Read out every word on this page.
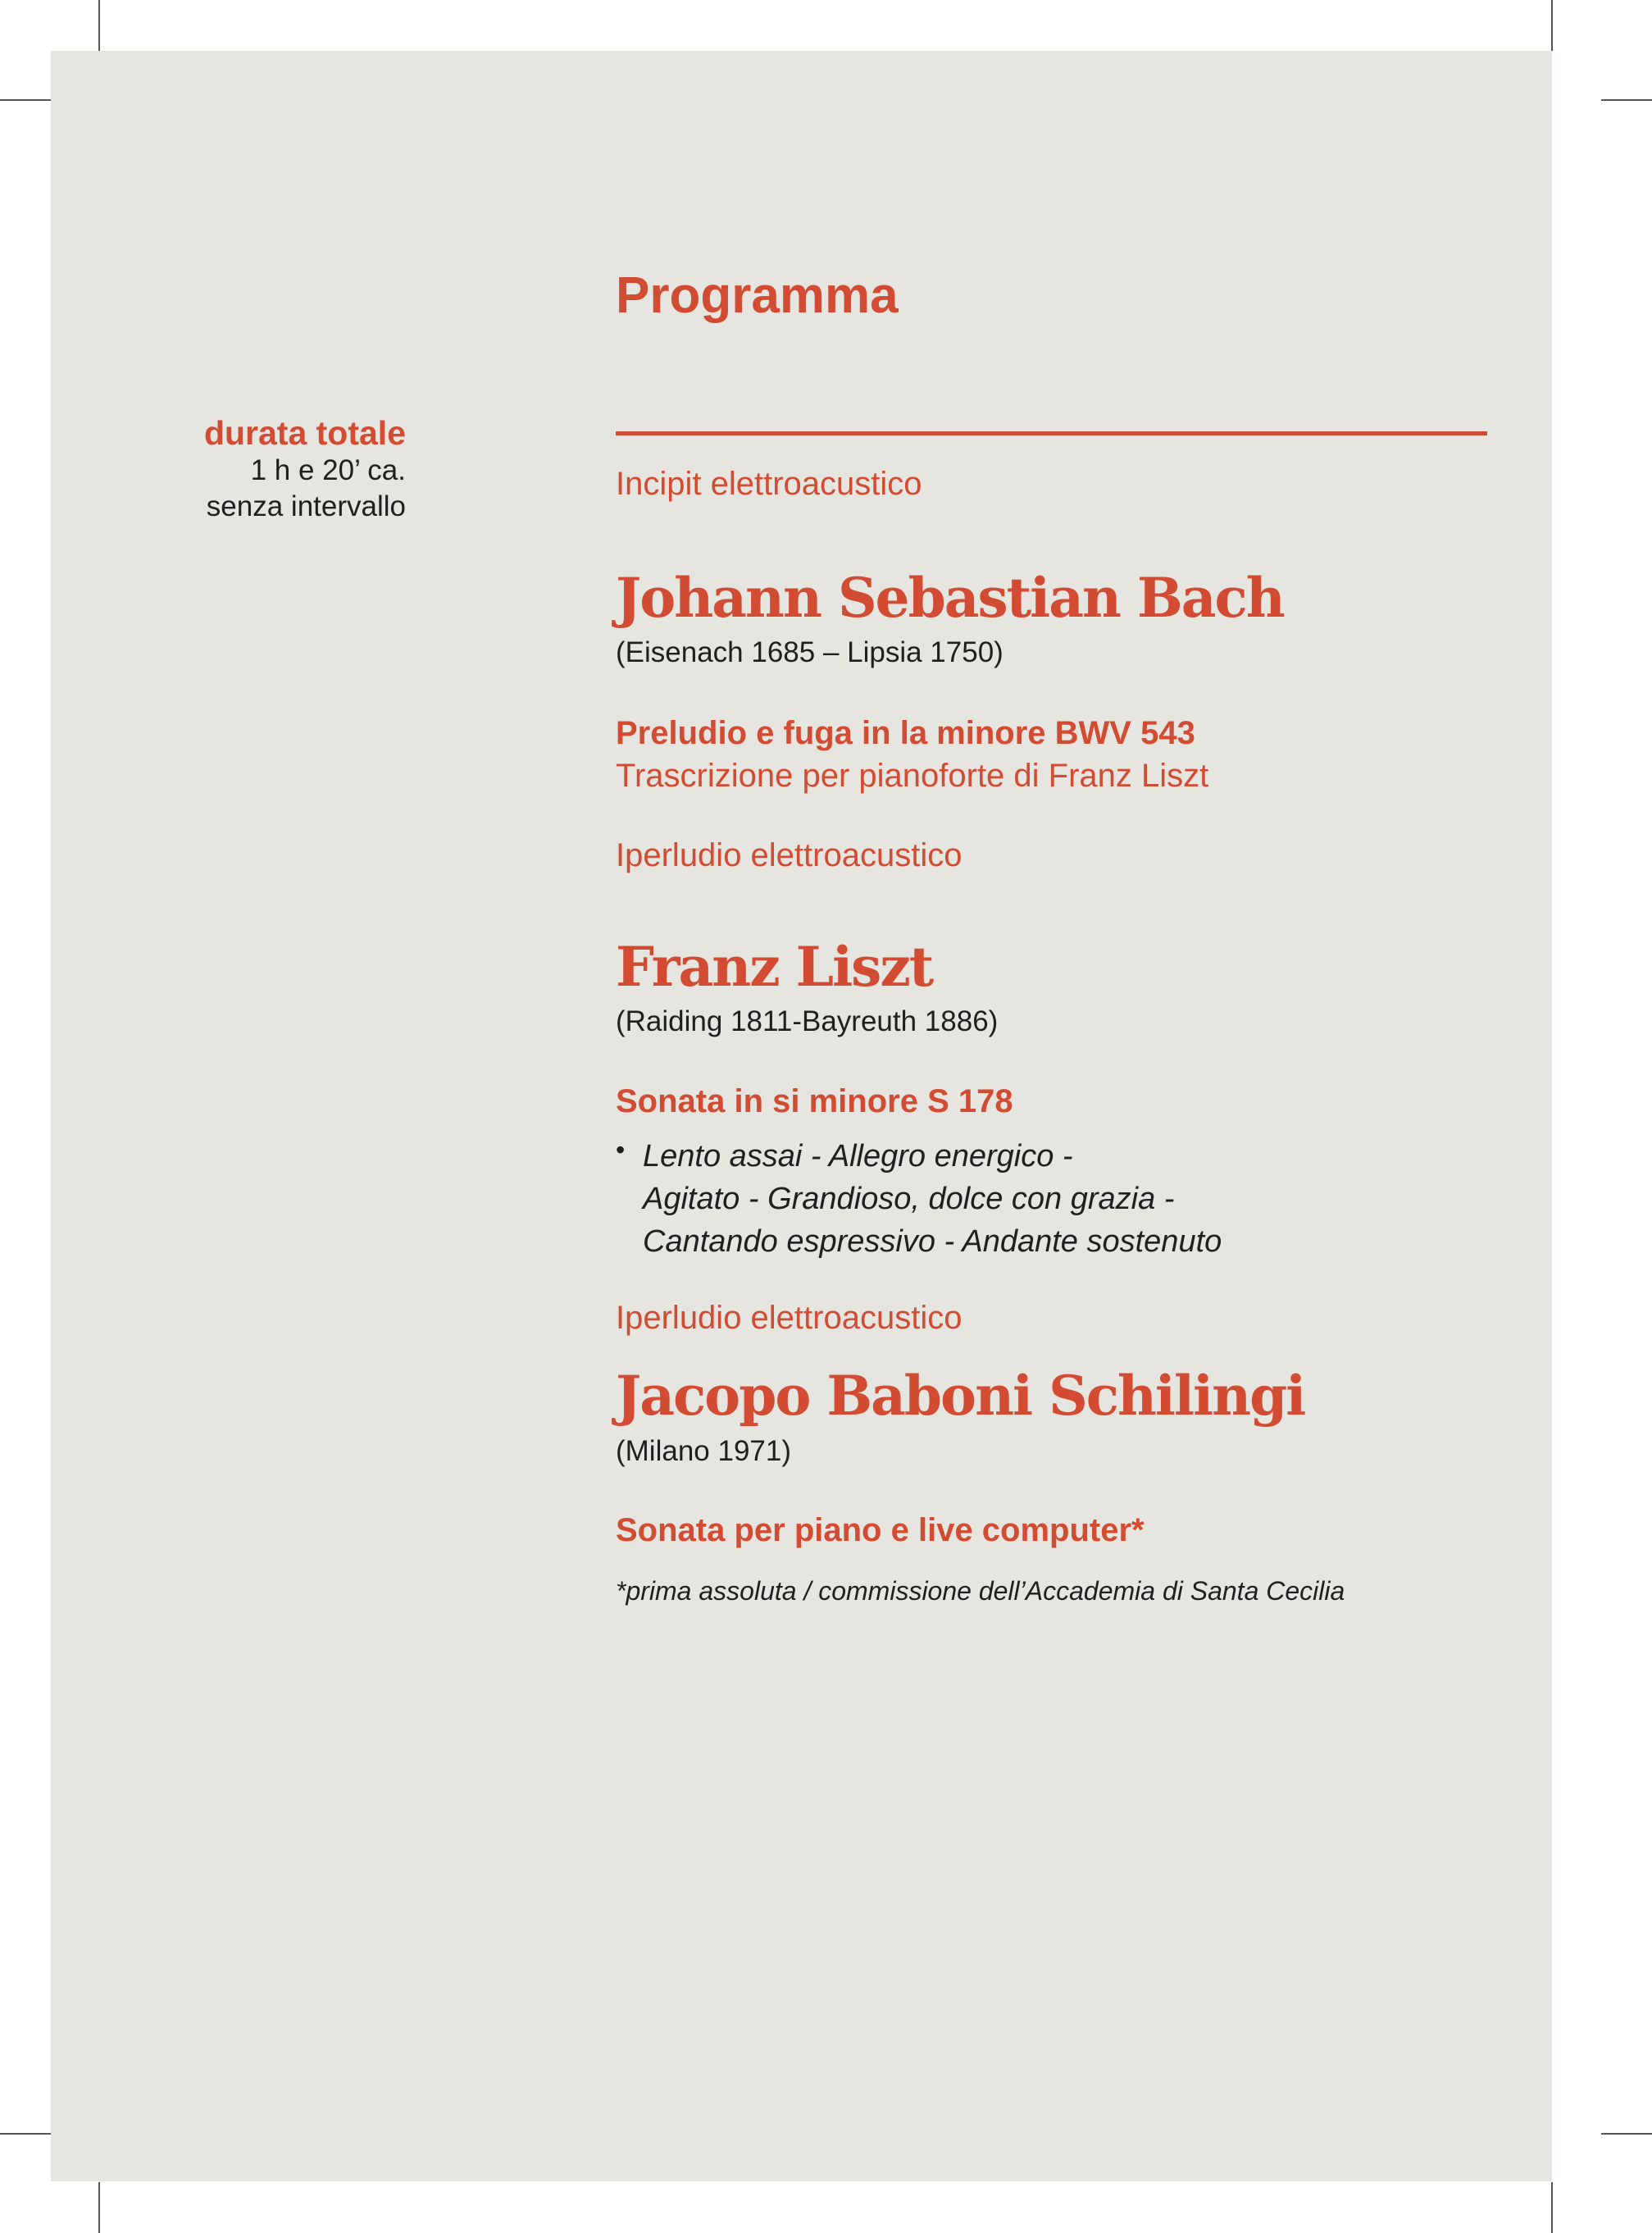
Programma
durata totale
1 h e 20’ ca.
senza intervallo
Incipit elettroacustico
Johann Sebastian Bach
(Eisenach 1685 – Lipsia 1750)
Preludio e fuga in la minore BWV 543
Trascrizione per pianoforte di Franz Liszt
Iperludio elettroacustico
Franz Liszt
(Raiding 1811-Bayreuth 1886)
Sonata in si minore S 178
• Lento assai - Allegro energico -
Agitato - Grandioso, dolce con grazia -
Cantando espressivo - Andante sostenuto
Iperludio elettroacustico
Jacopo Baboni Schilingi
(Milano 1971)
Sonata per piano e live computer*
*prima assoluta / commissione dell’Accademia di Santa Cecilia
